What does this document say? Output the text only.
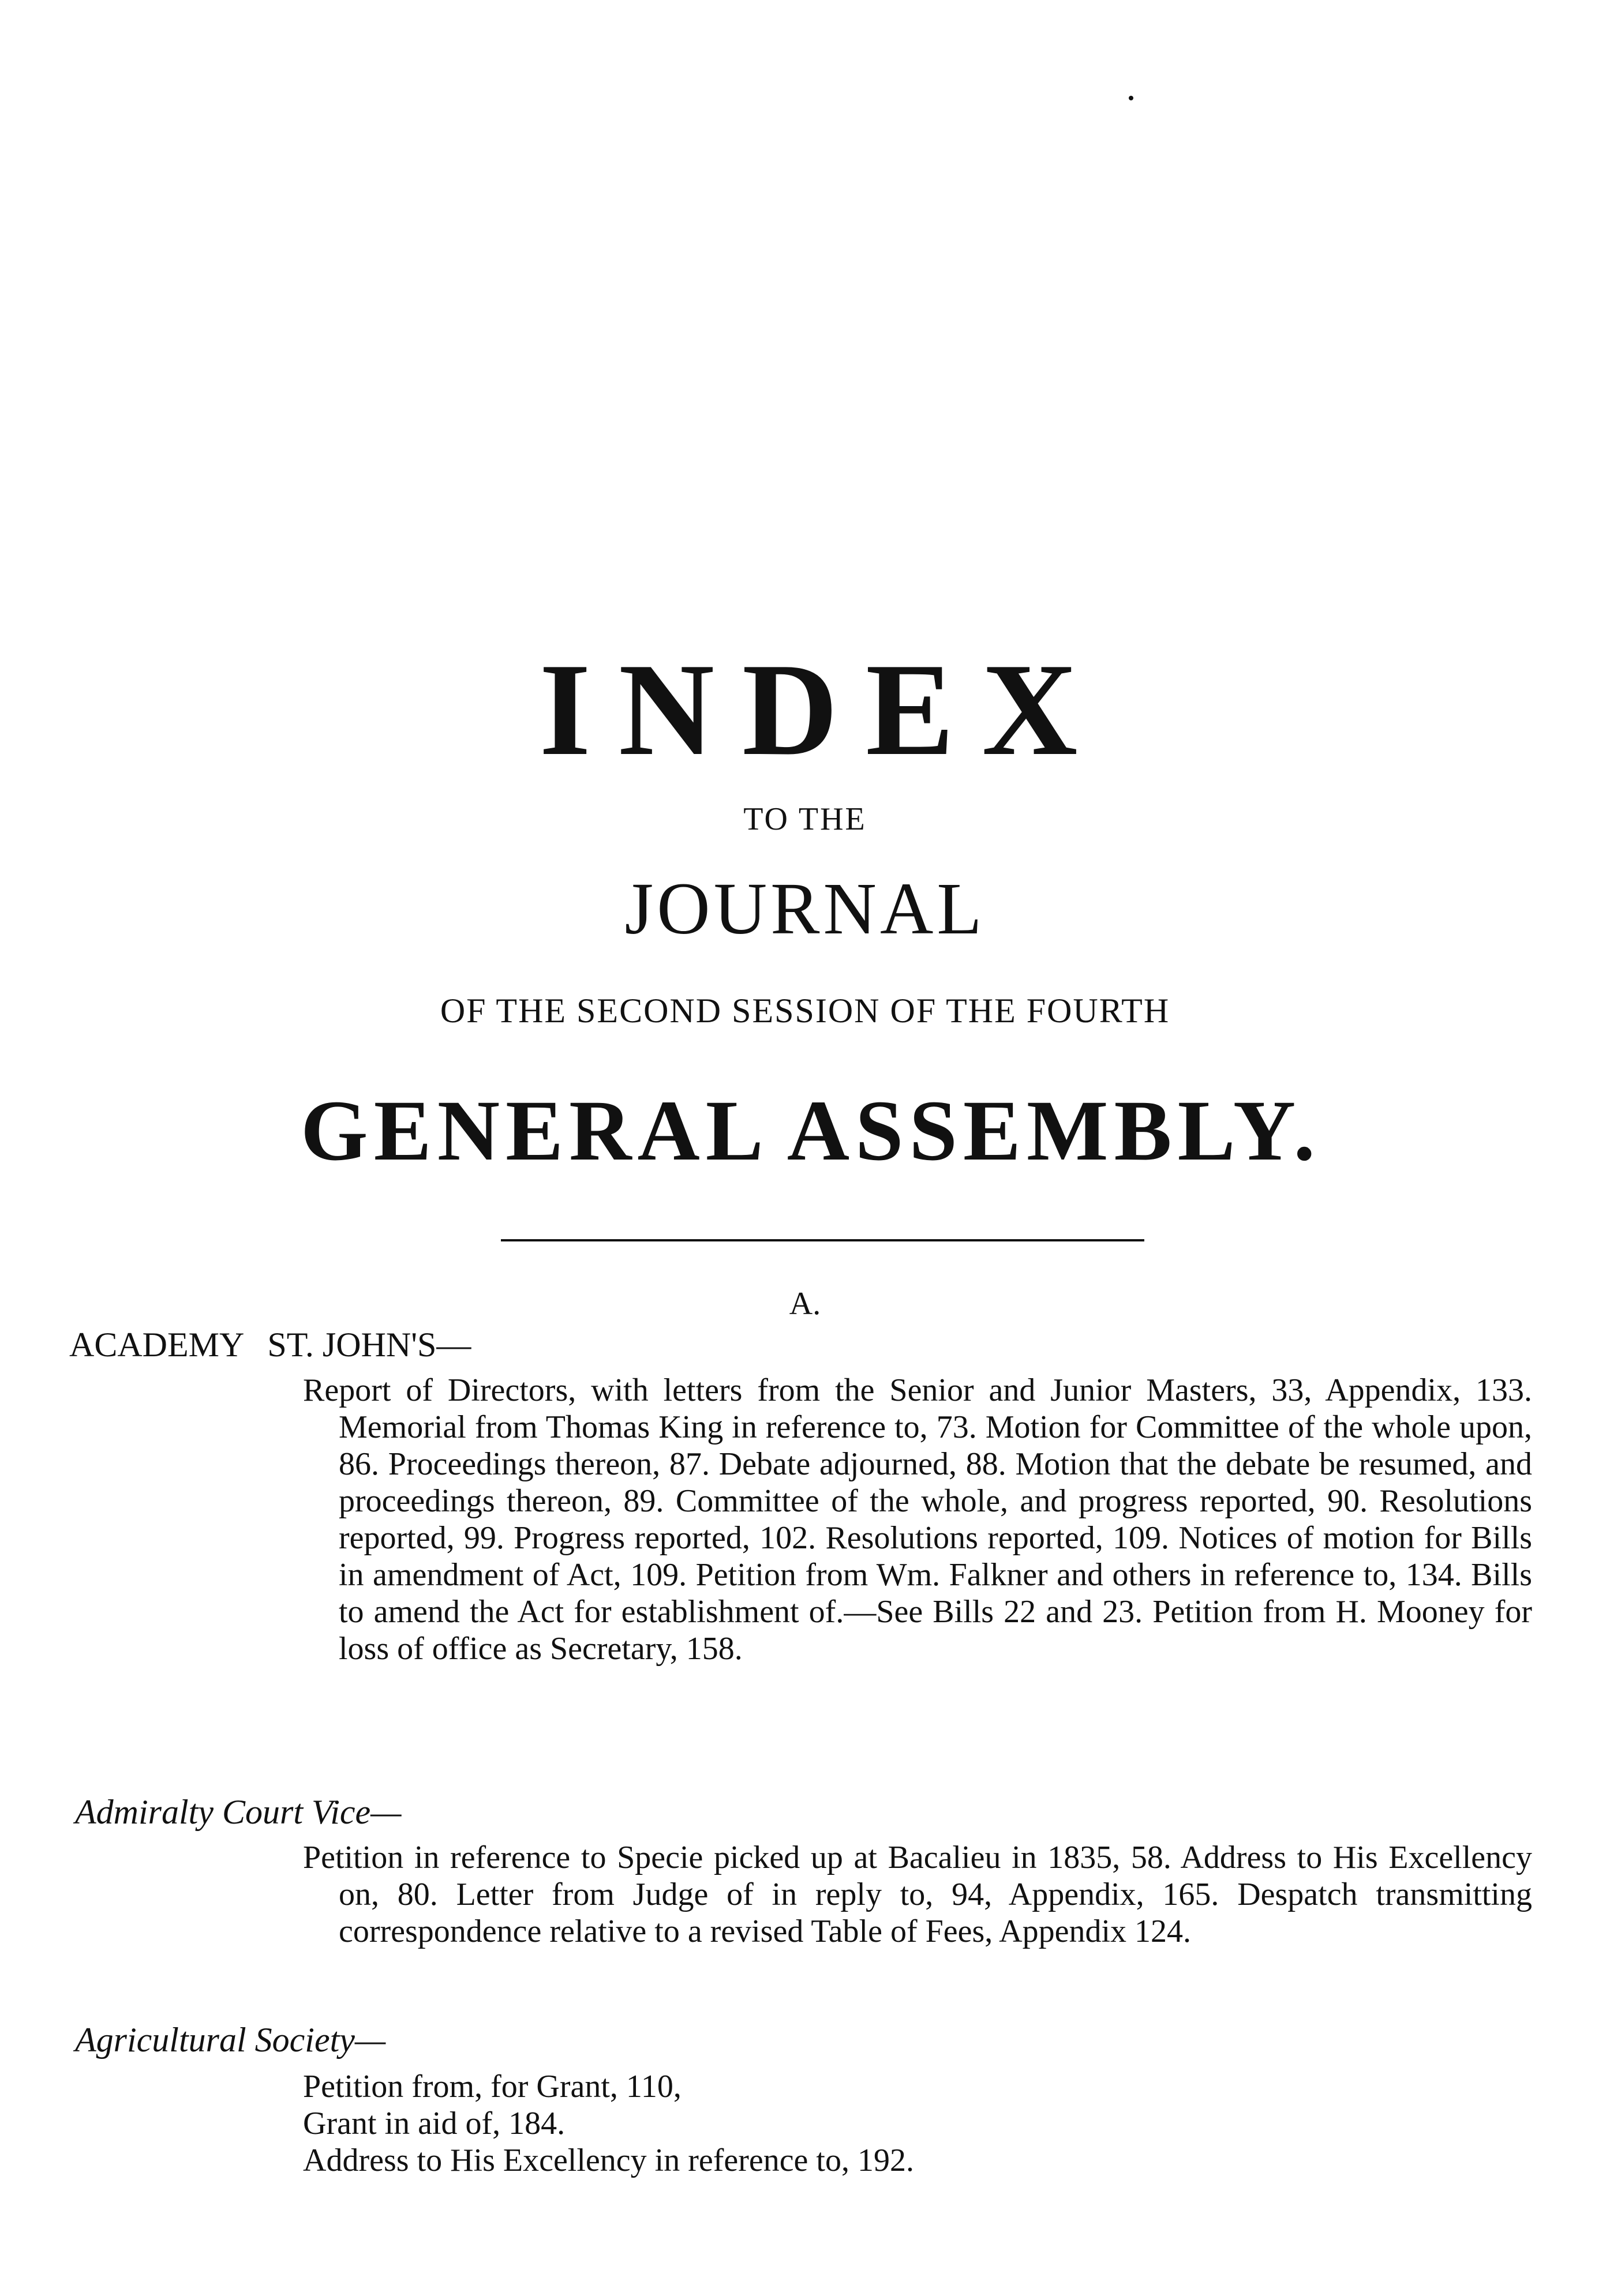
INDEX
TO THE
JOURNAL
OF THE SECOND SESSION OF THE FOURTH
GENERAL ASSEMBLY.
A.
ACADEMY ST. JOHN'S—
Report of Directors, with letters from the Senior and Junior Masters, 33, Appendix, 133. Memorial from Thomas King in reference to, 73. Motion for Committee of the whole upon, 86. Proceedings thereon, 87. Debate adjourned, 88. Motion that the debate be resumed, and proceedings thereon, 89. Committee of the whole, and progress reported, 90. Resolutions reported, 99. Progress reported, 102. Resolutions reported, 109. Notices of motion for Bills in amendment of Act, 109. Petition from Wm. Falkner and others in reference to, 134. Bills to amend the Act for establishment of.—See Bills 22 and 23. Petition from H. Mooney for loss of office as Secretary, 158.
Admiralty Court Vice—
Petition in reference to Specie picked up at Bacalieu in 1835, 58. Address to His Excellency on, 80. Letter from Judge of in reply to, 94, Appendix, 165. Despatch transmitting correspondence relative to a revised Table of Fees, Appendix 124.
Agricultural Society—
Petition from, for Grant, 110,
Grant in aid of, 184.
Address to His Excellency in reference to, 192.
